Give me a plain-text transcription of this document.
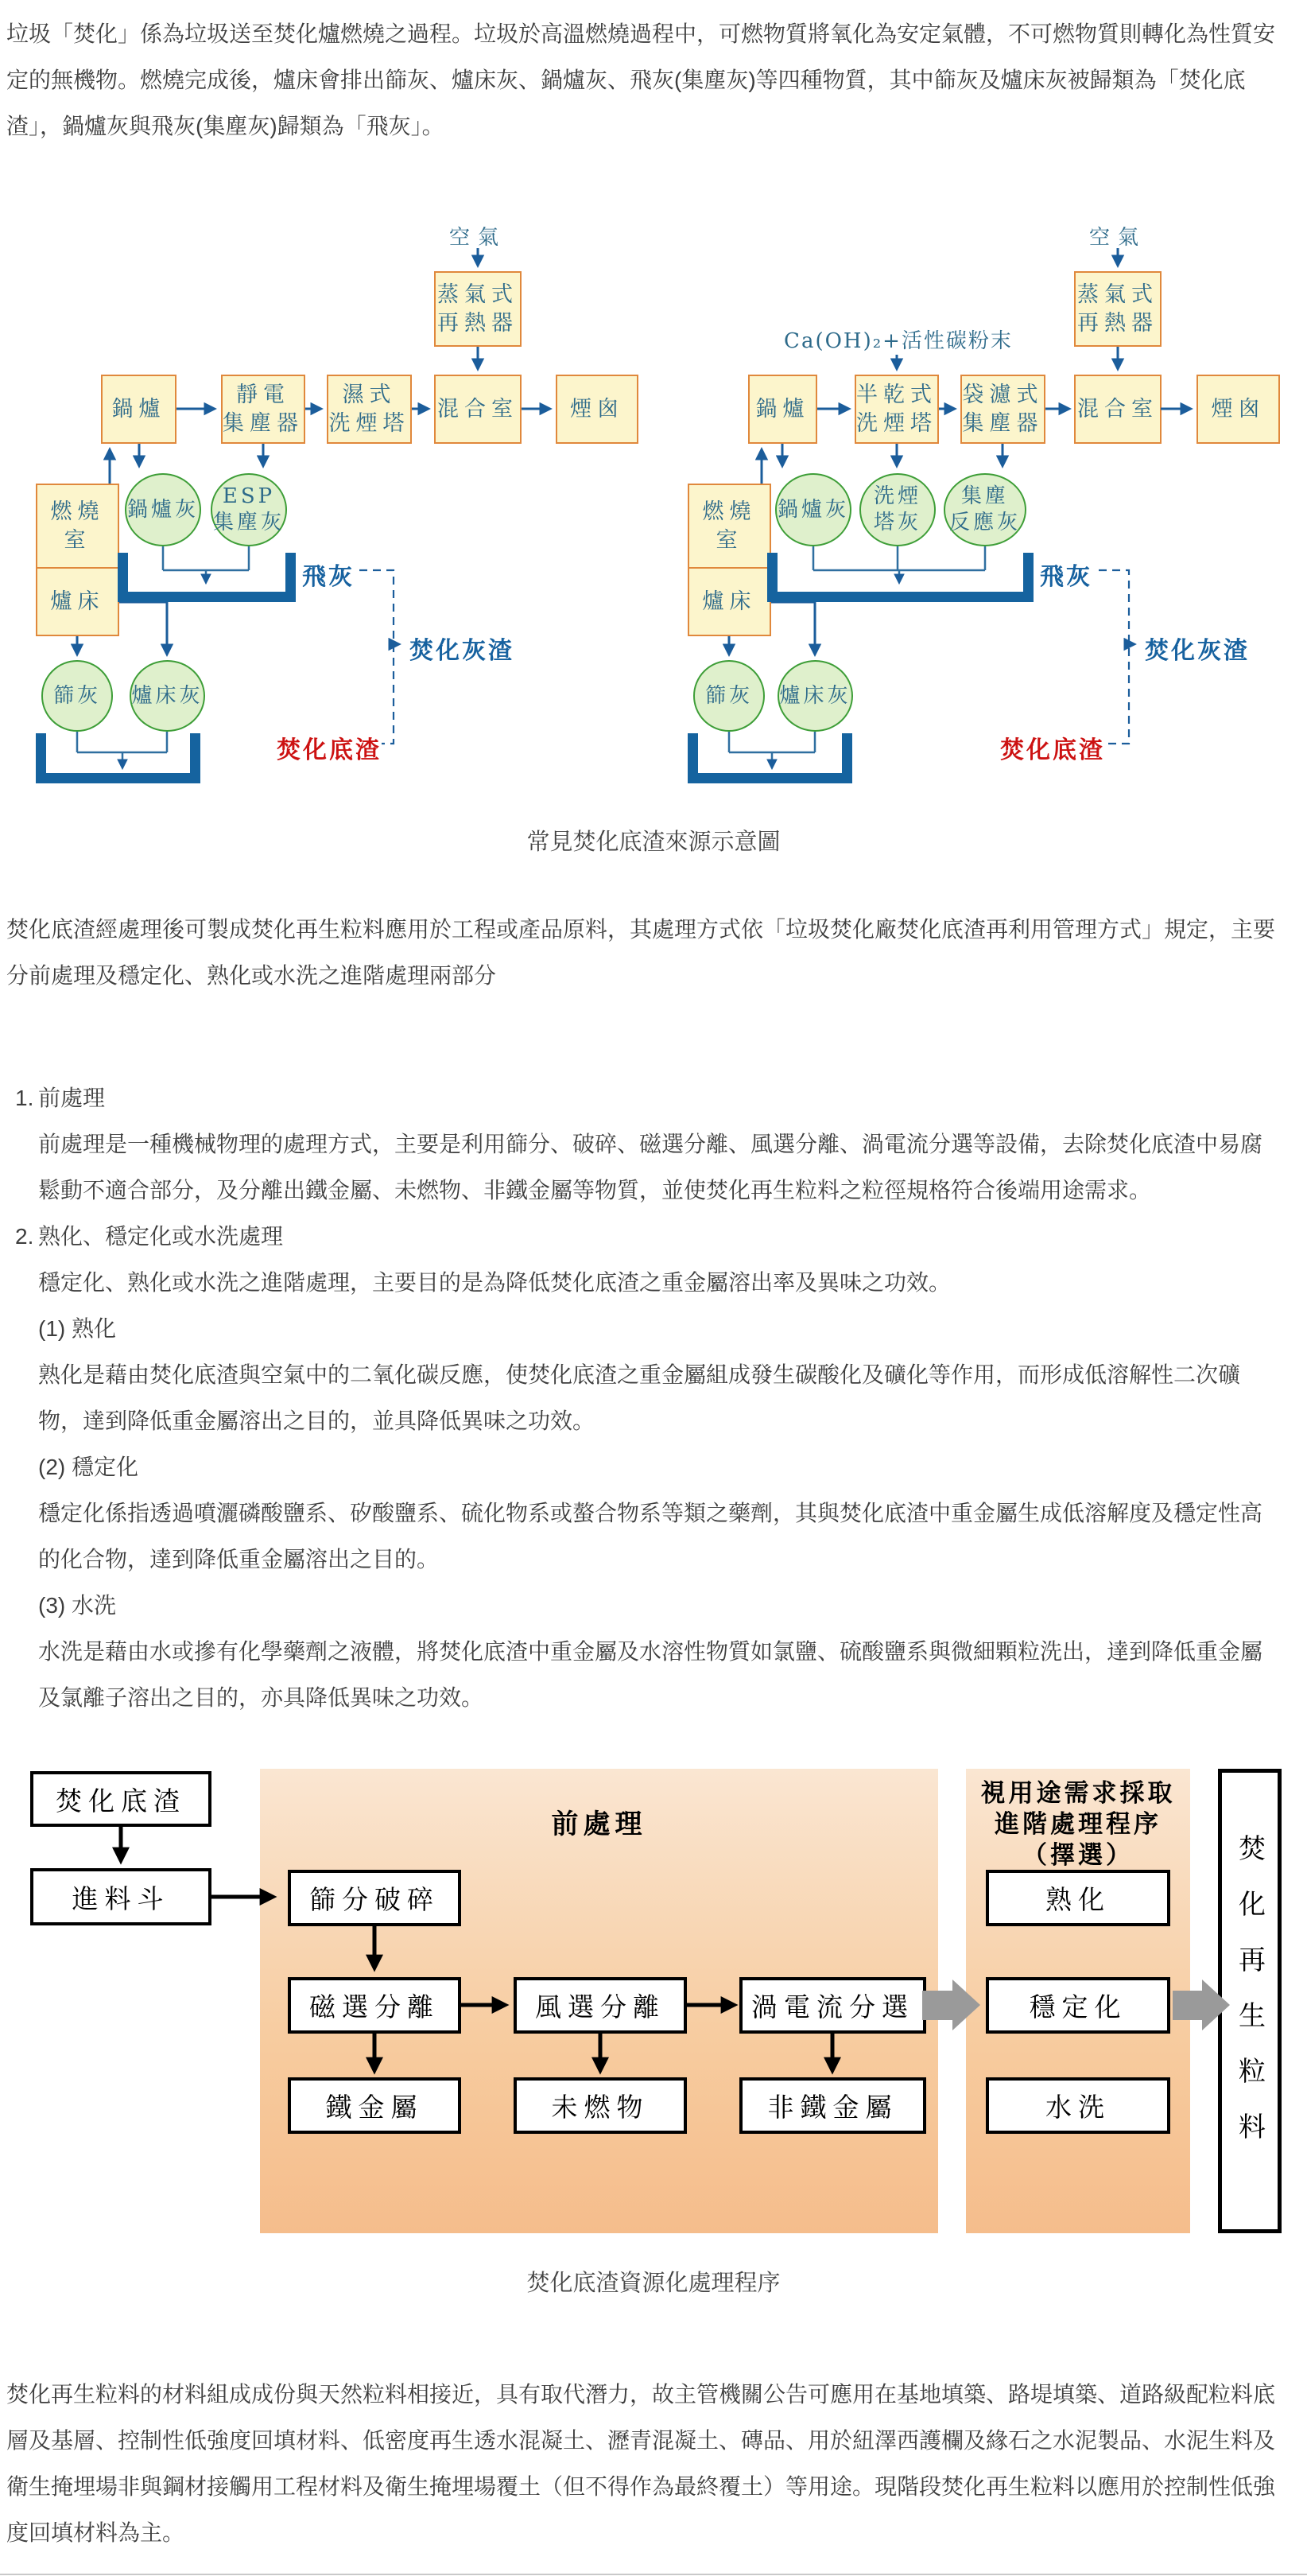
垃圾「焚化」係為垃圾送至焚化爐燃燒之過程。垃圾於高溫燃燒過程中，可燃物質將氧化為安定氣體，不可燃物質則轉化為性質安定的無機物。燃燒完成後，爐床會排出篩灰、爐床灰、鍋爐灰、飛灰(集塵灰)等四種物質，其中篩灰及爐床灰被歸類為「焚化底渣」，鍋爐灰與飛灰(集塵灰)歸類為「飛灰」。
空氣
蒸氣式
再熱器
鍋爐
靜電
集塵器
濕式
洗煙塔
混合室	煙囪
燃燒室
爐床
鍋爐灰
ESP
集塵灰
篩灰	爐床灰
飛灰
焚化底渣
焚化灰渣
空氣
Ca(OH)₂+活性碳粉末
蒸氣式
再熱器
鍋爐
半乾式
洗煙塔
袋濾式
集塵器
混合室	煙囪
燃燒室
爐床
鍋爐灰
洗煙
塔灰
集塵
反應灰
篩灰	爐床灰
飛灰
焚化底渣
焚化灰渣
常見焚化底渣來源示意圖
焚化底渣經處理後可製成焚化再生粒料應用於工程或產品原料，其處理方式依「垃圾焚化廠焚化底渣再利用管理方式」規定，主要分前處理及穩定化、熟化或水洗之進階處理兩部分
1. 前處理
前處理是一種機械物理的處理方式，主要是利用篩分、破碎、磁選分離、風選分離、渦電流分選等設備，去除焚化底渣中易腐鬆動不適合部分，及分離出鐵金屬、未燃物、非鐵金屬等物質，並使焚化再生粒料之粒徑規格符合後端用途需求。
2. 熟化、穩定化或水洗處理
穩定化、熟化或水洗之進階處理，主要目的是為降低焚化底渣之重金屬溶出率及異味之功效。
(1) 熟化
熟化是藉由焚化底渣與空氣中的二氧化碳反應，使焚化底渣之重金屬組成發生碳酸化及礦化等作用，而形成低溶解性二次礦物，達到降低重金屬溶出之目的，並具降低異味之功效。
(2) 穩定化
穩定化係指透過噴灑磷酸鹽系、矽酸鹽系、硫化物系或螯合物系等類之藥劑，其與焚化底渣中重金屬生成低溶解度及穩定性高的化合物，達到降低重金屬溶出之目的。
(3) 水洗
水洗是藉由水或摻有化學藥劑之液體，將焚化底渣中重金屬及水溶性物質如氯鹽、硫酸鹽系與微細顆粒洗出，達到降低重金屬及氯離子溶出之目的，亦具降低異味之功效。
焚化底渣
進料斗
前處理
篩分破碎
磁選分離	風選分離	渦電流分選
鐵金屬	未燃物	非鐵金屬
視用途需求採取
進階處理程序
（擇選）
熟化
穩定化
水洗	焚化再生粒料
焚化底渣資源化處理程序
焚化再生粒料的材料組成成份與天然粒料相接近，具有取代潛力，故主管機關公告可應用在基地填築、路堤填築、道路級配粒料底層及基層、控制性低強度回填材料、低密度再生透水混凝土、瀝青混凝土、磚品、用於紐澤西護欄及緣石之水泥製品、水泥生料及衛生掩埋場非與鋼材接觸用工程材料及衛生掩埋場覆土（但不得作為最終覆土）等用途。現階段焚化再生粒料以應用於控制性低強度回填材料為主。
